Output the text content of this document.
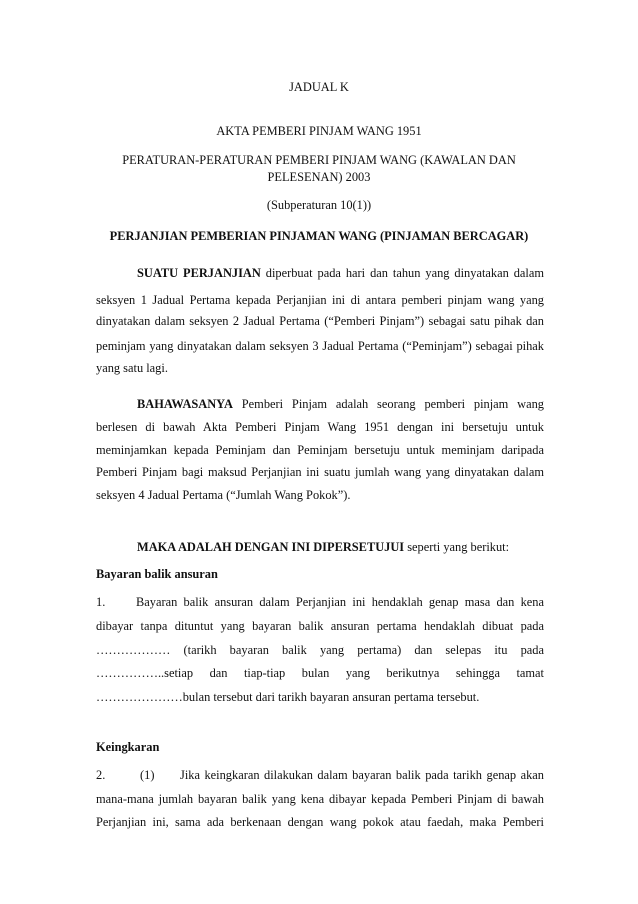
JADUAL K
AKTA PEMBERI PINJAM WANG 1951
PERATURAN-PERATURAN PEMBERI PINJAM WANG (KAWALAN DAN
PELESENAN) 2003
(Subperaturan 10(1))
PERJANJIAN PEMBERIAN PINJAMAN WANG (PINJAMAN BERCAGAR)
SUATU PERJANJIAN diperbuat pada hari dan tahun yang dinyatakan dalam
seksyen 1 Jadual Pertama kepada Perjanjian ini di antara pemberi pinjam wang yang
dinyatakan dalam seksyen 2 Jadual Pertama (“Pemberi Pinjam”) sebagai satu pihak dan
peminjam yang dinyatakan dalam seksyen 3 Jadual Pertama (“Peminjam”) sebagai pihak
yang satu lagi.
BAHAWASANYA Pemberi Pinjam adalah seorang pemberi pinjam wang
berlesen di bawah Akta Pemberi Pinjam Wang 1951 dengan ini bersetuju untuk
meminjamkan kepada Peminjam dan Peminjam bersetuju untuk meminjam daripada
Pemberi Pinjam bagi maksud Perjanjian ini suatu jumlah wang yang dinyatakan dalam
seksyen 4 Jadual Pertama (“Jumlah Wang Pokok”).
MAKA ADALAH DENGAN INI DIPERSETUJUI seperti yang berikut:
Bayaran balik ansuran
1. Bayaran balik ansuran dalam Perjanjian ini hendaklah genap masa dan kena
dibayar tanpa dituntut yang bayaran balik ansuran pertama hendaklah dibuat pada
……………… (tarikh bayaran balik yang pertama) dan selepas itu pada
……………..setiap dan tiap-tiap bulan yang berikutnya sehingga tamat
…………………bulan tersebut dari tarikh bayaran ansuran pertama tersebut.
Keingkaran
2.	(1) Jika keingkaran dilakukan dalam bayaran balik pada tarikh genap akan
mana-mana jumlah bayaran balik yang kena dibayar kepada Pemberi Pinjam di bawah
Perjanjian ini, sama ada berkenaan dengan wang pokok atau faedah, maka Pemberi
